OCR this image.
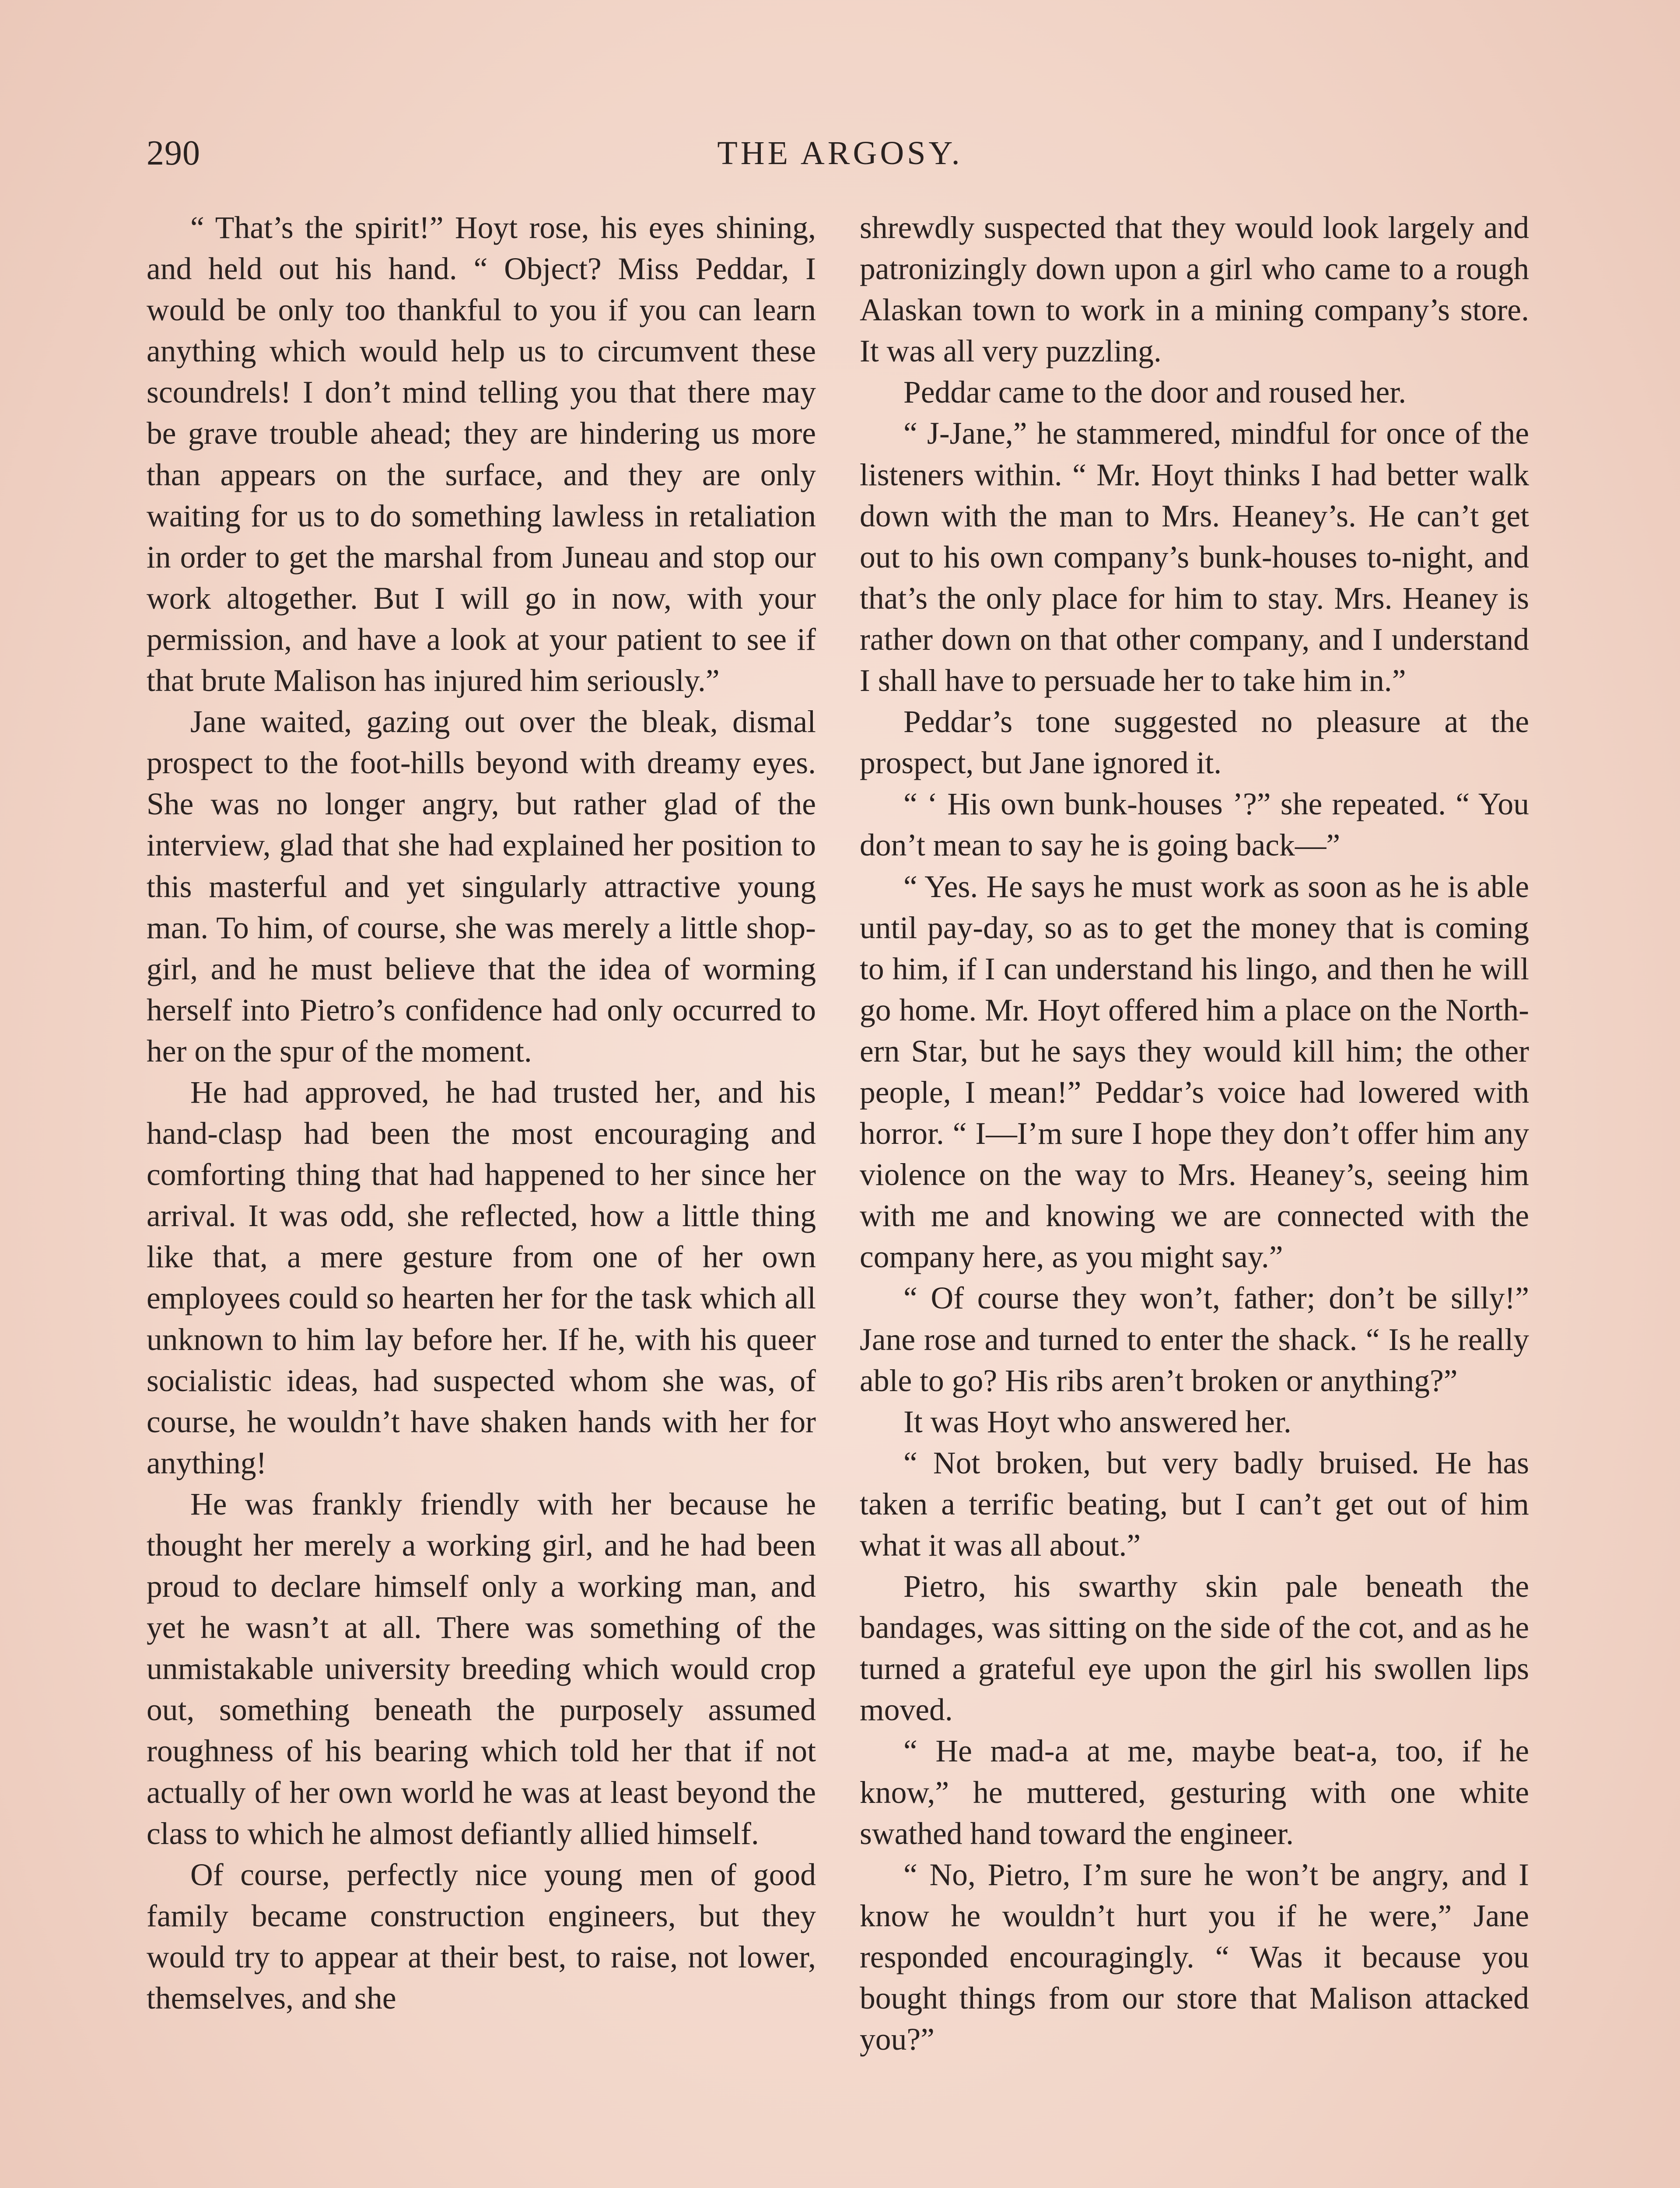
290	THE ARGOSY.

“ That’s the spirit!” Hoyt rose, his eyes shining, and held out his hand. “ Object? Miss Peddar, I would be only too thankful to you if you can learn anything which would help us to circumvent these scoundrels! I don’t mind telling you that there may be grave trouble ahead; they are hindering us more than appears on the surface, and they are only waiting for us to do something lawless in retaliation in order to get the marshal from Juneau and stop our work altogether. But I will go in now, with your permission, and have a look at your patient to see if that brute Malison has injured him seriously.”

Jane waited, gazing out over the bleak, dismal prospect to the foot-hills beyond with dreamy eyes. She was no longer angry, but rather glad of the interview, glad that she had explained her position to this masterful and yet singularly attractive young man. To him, of course, she was merely a little shop-girl, and he must believe that the idea of worming herself into Pietro’s confidence had only occurred to her on the spur of the moment.

He had approved, he had trusted her, and his hand-clasp had been the most encouraging and comforting thing that had happened to her since her arrival. It was odd, she reflected, how a little thing like that, a mere gesture from one of her own employees could so hearten her for the task which all unknown to him lay before her. If he, with his queer socialistic ideas, had suspected whom she was, of course, he wouldn’t have shaken hands with her for anything!

He was frankly friendly with her because he thought her merely a working girl, and he had been proud to declare himself only a working man, and yet he wasn’t at all. There was something of the unmistakable university breeding which would crop out, something beneath the purposely assumed roughness of his bearing which told her that if not actually of her own world he was at least beyond the class to which he almost defiantly allied himself.

Of course, perfectly nice young men of good family became construction engineers, but they would try to appear at their best, to raise, not lower, themselves, and she

shrewdly suspected that they would look largely and patronizingly down upon a girl who came to a rough Alaskan town to work in a mining company’s store. It was all very puzzling.

Peddar came to the door and roused her.

“ J-Jane,” he stammered, mindful for once of the listeners within. “ Mr. Hoyt thinks I had better walk down with the man to Mrs. Heaney’s. He can’t get out to his own company’s bunk-houses to-night, and that’s the only place for him to stay. Mrs. Heaney is rather down on that other company, and I understand I shall have to persuade her to take him in.”

Peddar’s tone suggested no pleasure at the prospect, but Jane ignored it.

“ ‘ His own bunk-houses ’?” she repeated. “ You don’t mean to say he is going back—”

“ Yes. He says he must work as soon as he is able until pay-day, so as to get the money that is coming to him, if I can understand his lingo, and then he will go home. Mr. Hoyt offered him a place on the Northern Star, but he says they would kill him; the other people, I mean!” Peddar’s voice had lowered with horror. “ I—I’m sure I hope they don’t offer him any violence on the way to Mrs. Heaney’s, seeing him with me and knowing we are connected with the company here, as you might say.”

“ Of course they won’t, father; don’t be silly!” Jane rose and turned to enter the shack. “ Is he really able to go? His ribs aren’t broken or anything?”

It was Hoyt who answered her.

“ Not broken, but very badly bruised. He has taken a terrific beating, but I can’t get out of him what it was all about.”

Pietro, his swarthy skin pale beneath the bandages, was sitting on the side of the cot, and as he turned a grateful eye upon the girl his swollen lips moved.

“ He mad-a at me, maybe beat-a, too, if he know,” he muttered, gesturing with one white swathed hand toward the engineer.

“ No, Pietro, I’m sure he won’t be angry, and I know he wouldn’t hurt you if he were,” Jane responded encouragingly. “ Was it because you bought things from our store that Malison attacked you?”
